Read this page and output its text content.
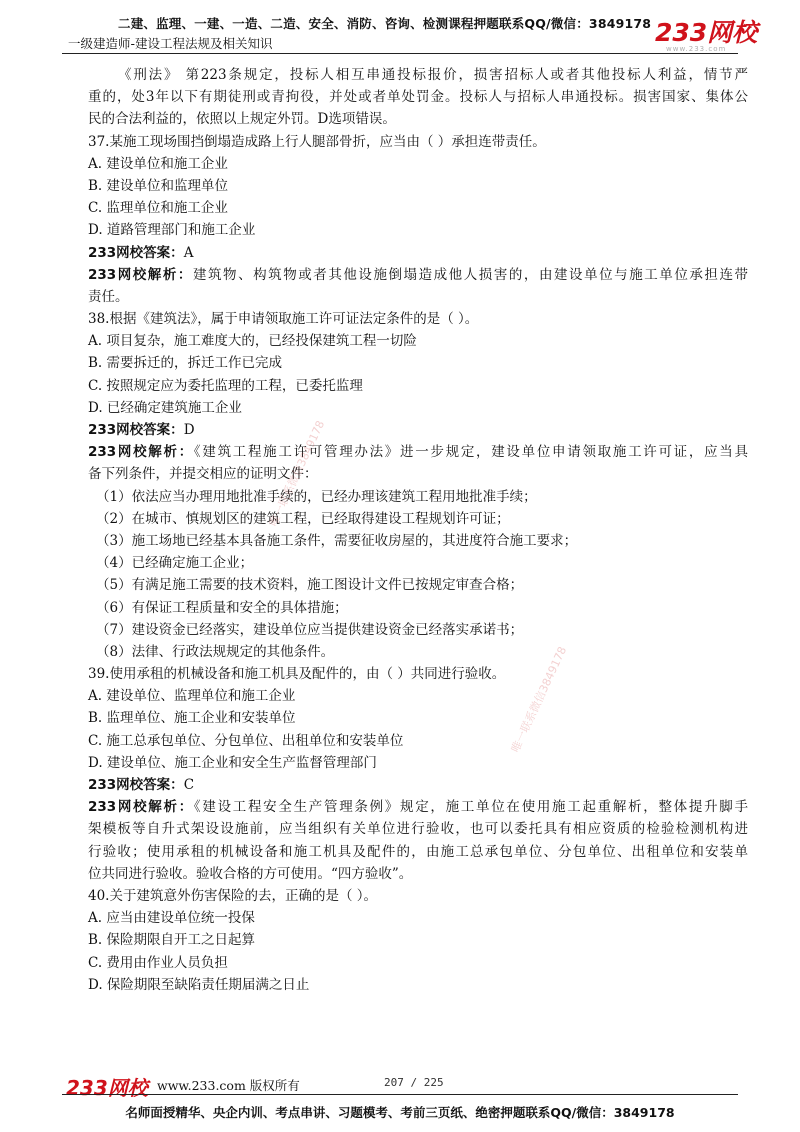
二建、监理、一建、一造、二造、安全、消防、咨询、检测课程押题联系QQ/微信：3849178
一级建造师-建设工程法规及相关知识	233网校
www.233.com
《刑法》 第223条规定，投标人相互串通投标报价，损害招标人或者其他投标人利益，情节严
重的，处3年以下有期徒刑或青拘役，并处或者单处罚金。投标人与招标人串通投标。损害国家、集体公
民的合法利益的，依照以上规定外罚。D选项错误。
37.某施工现场围挡倒塌造成路上行人腿部骨折，应当由（ ）承担连带责任。
A. 建设单位和施工企业
B. 建设单位和监理单位
C. 监理单位和施工企业
D. 道路管理部门和施工企业
233网校答案：A
233网校解析：建筑物、构筑物或者其他设施倒塌造成他人损害的，由建设单位与施工单位承担连带
责任。
38.根据《建筑法》，属于申请领取施工许可证法定条件的是（ ）。
A. 项目复杂，施工难度大的，已经投保建筑工程一切险
B. 需要拆迁的，拆迁工作已完成
C. 按照规定应为委托监理的工程，已委托监理
D. 已经确定建筑施工企业
233网校答案：D
233网校解析：《建筑工程施工许可管理办法》进一步规定，建设单位申请领取施工许可证，应当具
备下列条件，并提交相应的证明文件：
（1）依法应当办理用地批准手续的，已经办理该建筑工程用地批准手续；
（2）在城市、慎规划区的建筑工程，已经取得建设工程规划许可证；
（3）施工场地已经基本具备施工条件，需要征收房屋的，其进度符合施工要求；
（4）已经确定施工企业；
（5）有满足施工需要的技术资料，施工图设计文件已按规定审查合格；
（6）有保证工程质量和安全的具体措施；
（7）建设资金已经落实，建设单位应当提供建设资金已经落实承诺书；
（8）法律、行政法规规定的其他条件。
39.使用承租的机械设备和施工机具及配件的，由（ ）共同进行验收。
A. 建设单位、监理单位和施工企业
B. 监理单位、施工企业和安装单位
C. 施工总承包单位、分包单位、出租单位和安装单位
D. 建设单位、施工企业和安全生产监督管理部门
233网校答案：C
233网校解析：《建设工程安全生产管理条例》规定，施工单位在使用施工起重解析，整体提升脚手
架模板等自升式架设设施前，应当组织有关单位进行验收，也可以委托具有相应资质的检验检测机构进
行验收；使用承租的机械设备和施工机具及配件的，由施工总承包单位、分包单位、出租单位和安装单
位共同进行验收。验收合格的方可使用。“四方验收”。
40.关于建筑意外伤害保险的去，正确的是（ ）。
A. 应当由建设单位统一投保
B. 保险期限自开工之日起算
C. 费用由作业人员负担
D. 保险期限至缺陷责任期届满之日止
唯一联系微信3849178
唯一联系微信3849178
233网校 www.233.com 版权所有	207 / 225
名师面授精华、央企内训、考点串讲、习题模考、考前三页纸、绝密押题联系QQ/微信：3849178
